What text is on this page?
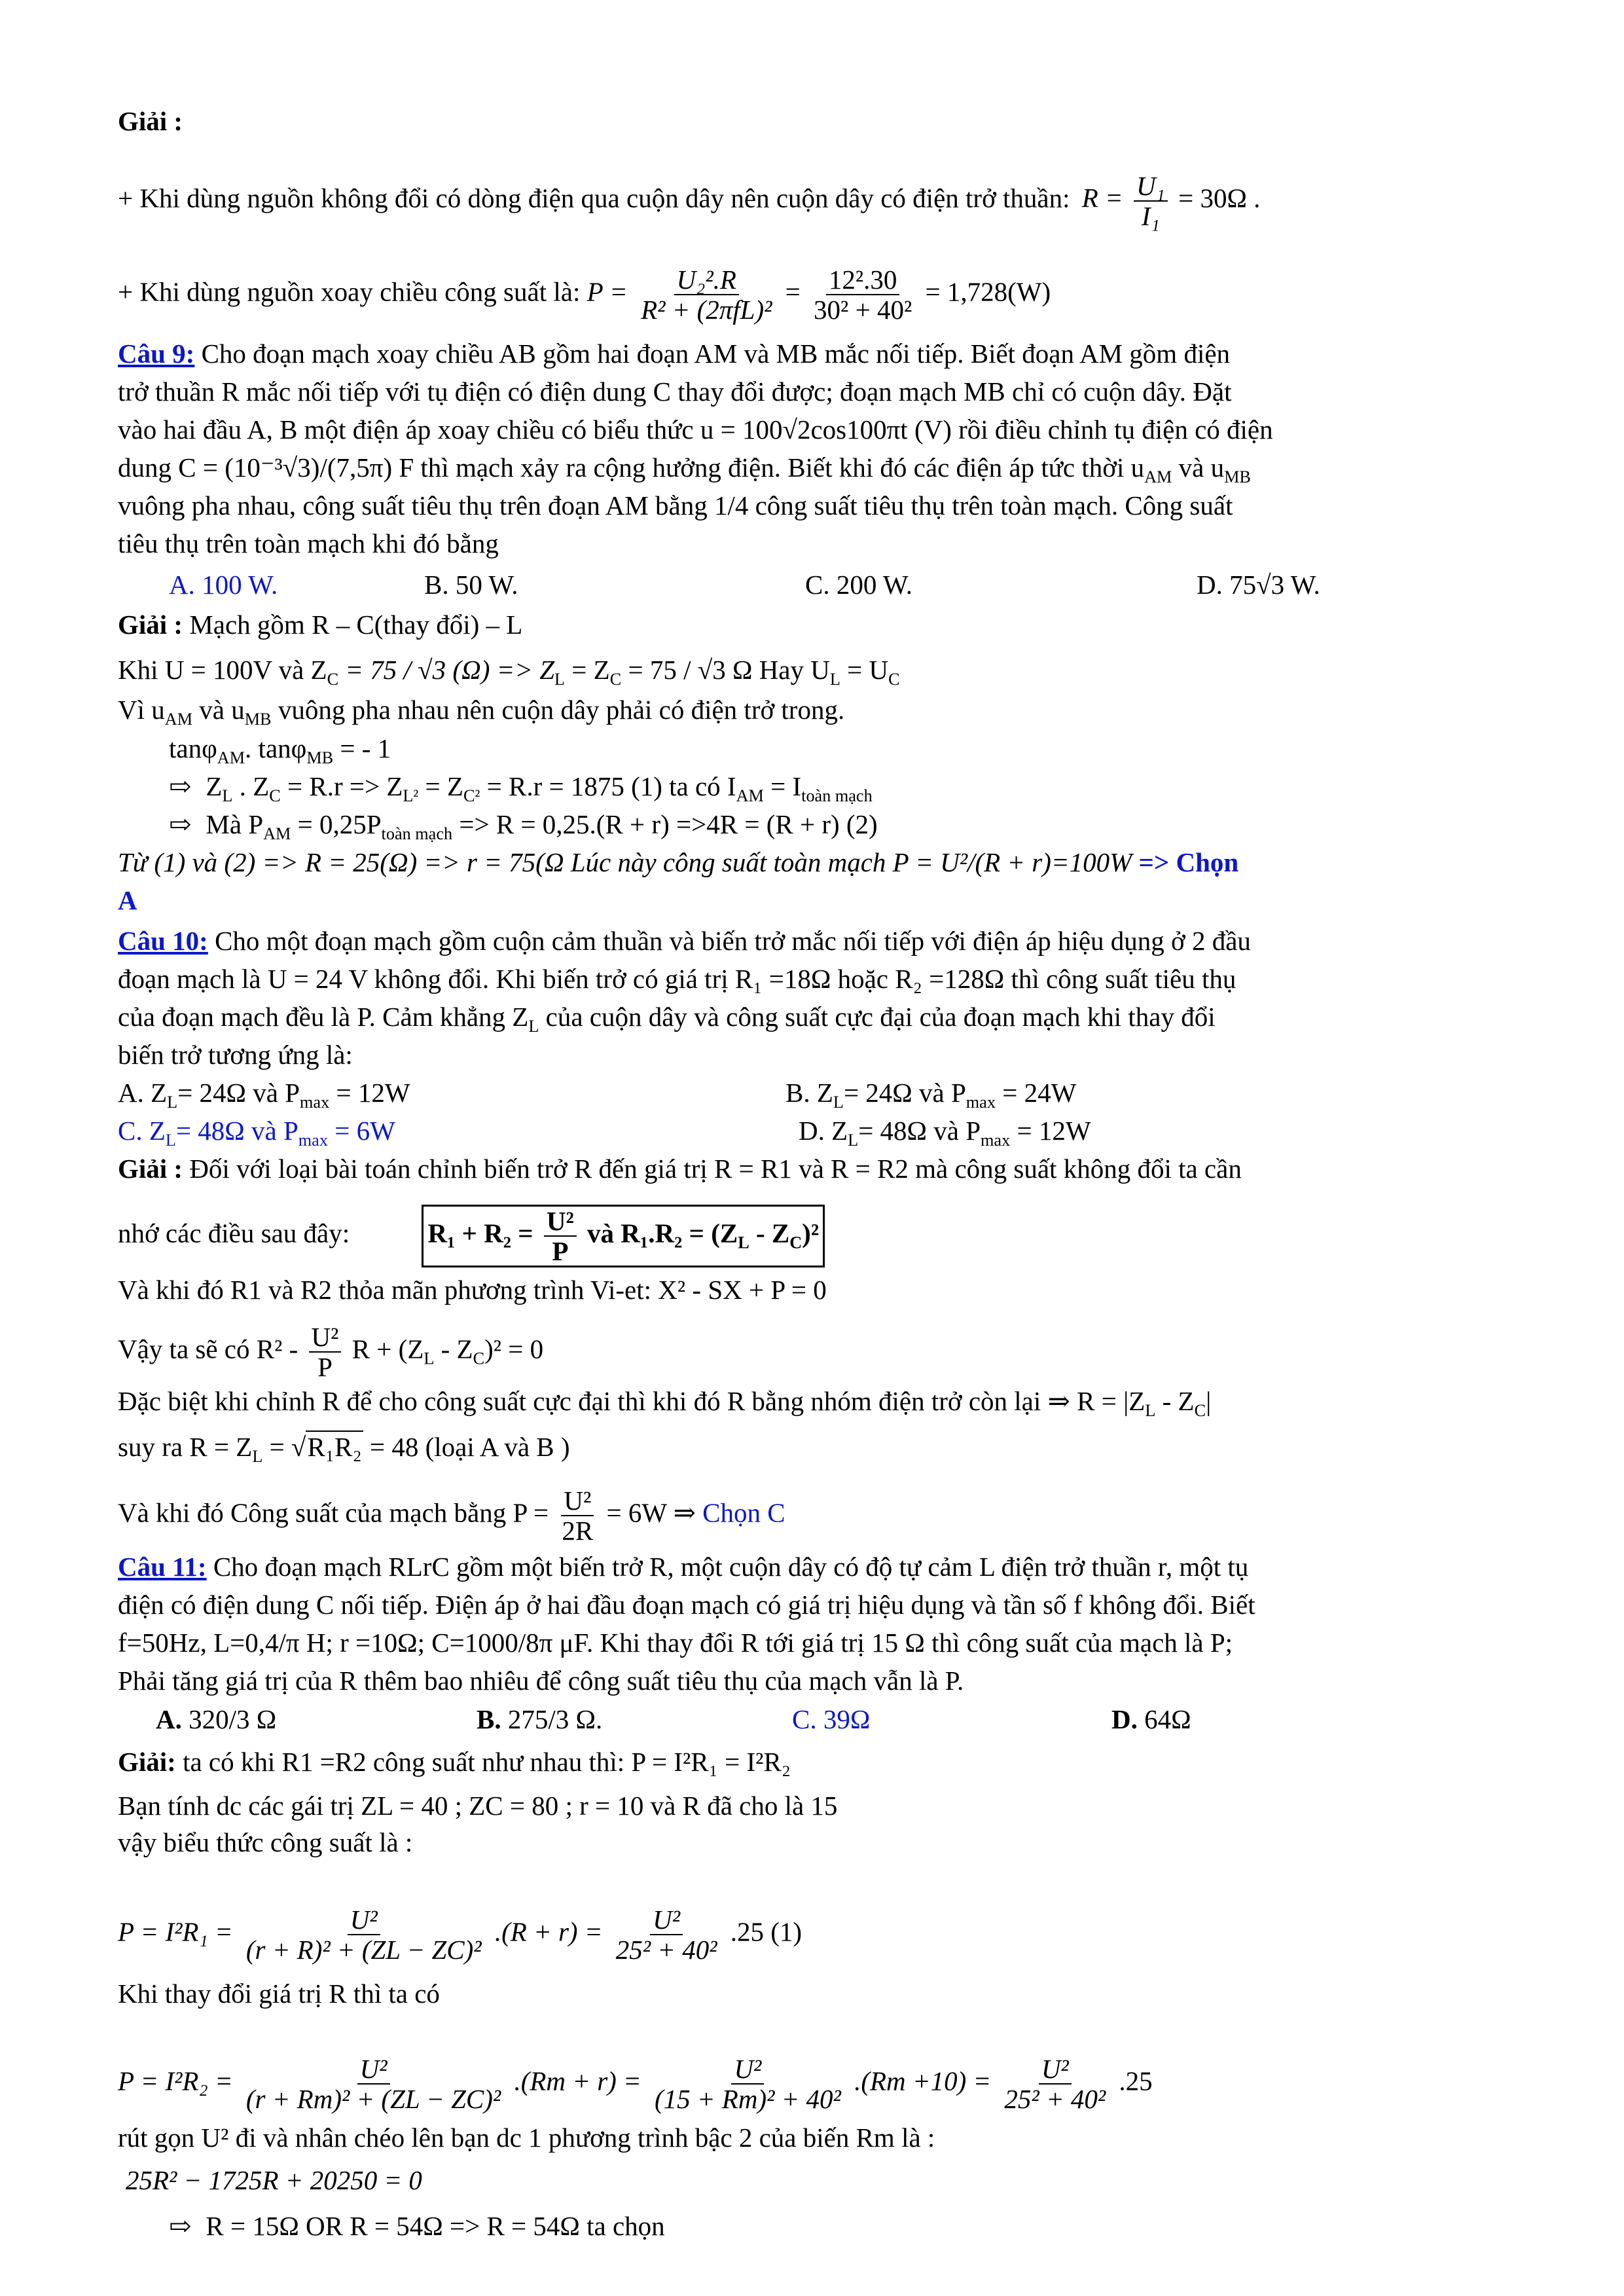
Giải :
+ Khi dùng nguồn không đổi có dòng điện qua cuộn dây nên cuộn dây có điện trở thuần: $R = \frac{\text{U₁}}{\text{I₁}} = 30\Omega$ .
+ Khi dùng nguồn xoay chiều công suất là: $P = \frac{\text{U₂².R}}{\text{R² + (2πfL)²}} = \frac{\text{12².30}}{\text{30² + 40²}} = 1,728(W)$
Câu 9: Cho đoạn mạch xoay chiều AB gồm hai đoạn AM và MB mắc nối tiếp. Biết đoạn AM gồm điện
trở thuần R mắc nối tiếp với tụ điện có điện dung C thay đổi được; đoạn mạch MB chỉ có cuộn dây. Đặt
vào hai đầu A, B một điện áp xoay chiều có biểu thức u = 100√2cos100πt (V) rồi điều chỉnh tụ điện có điện
dung C = (10⁻³√3)/(7,5π) F thì mạch xảy ra cộng hưởng điện. Biết khi đó các điện áp tức thời $u_{AM}$ và $u_{MB}$
vuông pha nhau, công suất tiêu thụ trên đoạn AM bằng 1/4 công suất tiêu thụ trên toàn mạch. Công suất
tiêu thụ trên toàn mạch khi đó bằng
A. 100 W.	B. 50 W.	C. 200 W.	D. 75√3 W.
Giải : Mạch gồm R – C(thay đổi) – L
Khi U = 100V và $Z_C = 75 / √3$ $(\Omega) => Z_L = Z_C = 75 / √3$ Ω Hay $U_L = U_C$
Vì $u_{AM}$ và $u_{MB}$ vuông pha nhau nên cuộn dây phải có điện trở trong.
tanφ$_{AM}$. tanφ$_{MB}$ = - 1
⇨ $Z_L$ . $Z_C = R.r => Z_{L^2} = Z_{C^2} = R.r = 1875$ (1) ta có $I_{AM} = I_{toàn mạch}$
⇨ Mà $P_{AM} = 0,25P_{toàn mạch} => R = 0,25.(R + r) =>4R = (R + r)$ (2)
Từ (1) và (2) => R = 25(Ω) => r = 75(Ω Lúc này công suất toàn mạch P = U²/(R + r)=100W => Chọn
A
Câu 10: Cho một đoạn mạch gồm cuộn cảm thuần và biến trở mắc nối tiếp với điện áp hiệu dụng ở 2 đầu
đoạn mạch là U = 24 V không đổi. Khi biến trở có giá trị R₁ =18Ω hoặc R₂ =128Ω thì công suất tiêu thụ
của đoạn mạch đều là P. Cảm khẳng $Z_L$ của cuộn dây và công suất cực đại của đoạn mạch khi thay đổi
biến trở tương ứng là:
A. $Z_L= 24\Omega$ và $P_{max} = 12W$	B. $Z_L= 24\Omega$ và $P_{max} = 24W$
C. $Z_L= 48\Omega$ và $P_{max} = 6W$	D. $Z_L= 48\Omega$ và $P_{max} = 12W$
Giải : Đối với loại bài toán chỉnh biến trở R đến giá trị R = R1 và R = R2 mà công suất không đổi ta cần
nhớ các điều sau đây:	$R_1 + R_2 = \frac{\text{U²}}{P}$ và $R_1.R_2 = (Z_L - Z_C)^2$
Và khi đó R1 và R2 thỏa mãn phương trình Vi-et: X² - SX + P = 0
Vậy ta sẽ có $R^2 - \frac{\text{U²}}{P}$ $R + (Z_L - Z_C)^2 = 0$
Đặc biệt khi chỉnh R để cho công suất cực đại thì khi đó R bằng nhóm điện trở còn lại ⇒ $R = |Z_L - Z_C|$
suy ra $R = Z_L = √R_1R_2 = 48$ (loại A và B )
Và khi đó Công suất của mạch bằng $P = \frac{\text{U²}}{2R} = 6W$ ⇒ Chọn C
Câu 11: Cho đoạn mạch RLrC gồm một biến trở R, một cuộn dây có độ tự cảm L điện trở thuần r, một tụ
điện có điện dung C nối tiếp. Điện áp ở hai đầu đoạn mạch có giá trị hiệu dụng và tần số f không đổi. Biết
f=50Hz, L=0,4/π H; r =10Ω; C=1000/8π μF. Khi thay đổi R tới giá trị 15 Ω thì công suất của mạch là P;
Phải tăng giá trị của R thêm bao nhiêu để công suất tiêu thụ của mạch vẫn là P.
A. 320/3 Ω	B. 275/3 Ω.	C. 39Ω	D. 64Ω
Giải: ta có khi R1 =R2 công suất như nhau thì: P = I²R₁ = I²R₂
Bạn tính dc các gái trị ZL = 40 ; ZC = 80 ; r = 10 và R đã cho là 15
vậy biểu thức công suất là :
$P = I^2R_1 = \frac{\text{U²}}{\text{(r + R)² + (ZL − ZC)²}} .(R + r) = \frac{\text{U²}}{\text{25² + 40²}} .25$ (1)
Khi thay đổi giá trị R thì ta có
$P = I^2R_2 = \frac{\text{U²}}{\text{(r + Rm)² + (ZL − ZC)²}} .(Rm + r) = \frac{\text{U²}}{\text{(15 + Rm)² + 40²}} .(Rm +10) = \frac{\text{U²}}{\text{25² + 40²}} .25$
rút gọn U² đi và nhân chéo lên bạn dc 1 phương trình bậc 2 của biến Rm là :
25R² − 1725R + 20250 = 0
⇨ R = 15Ω OR R = 54Ω => R = 54Ω ta chọn
